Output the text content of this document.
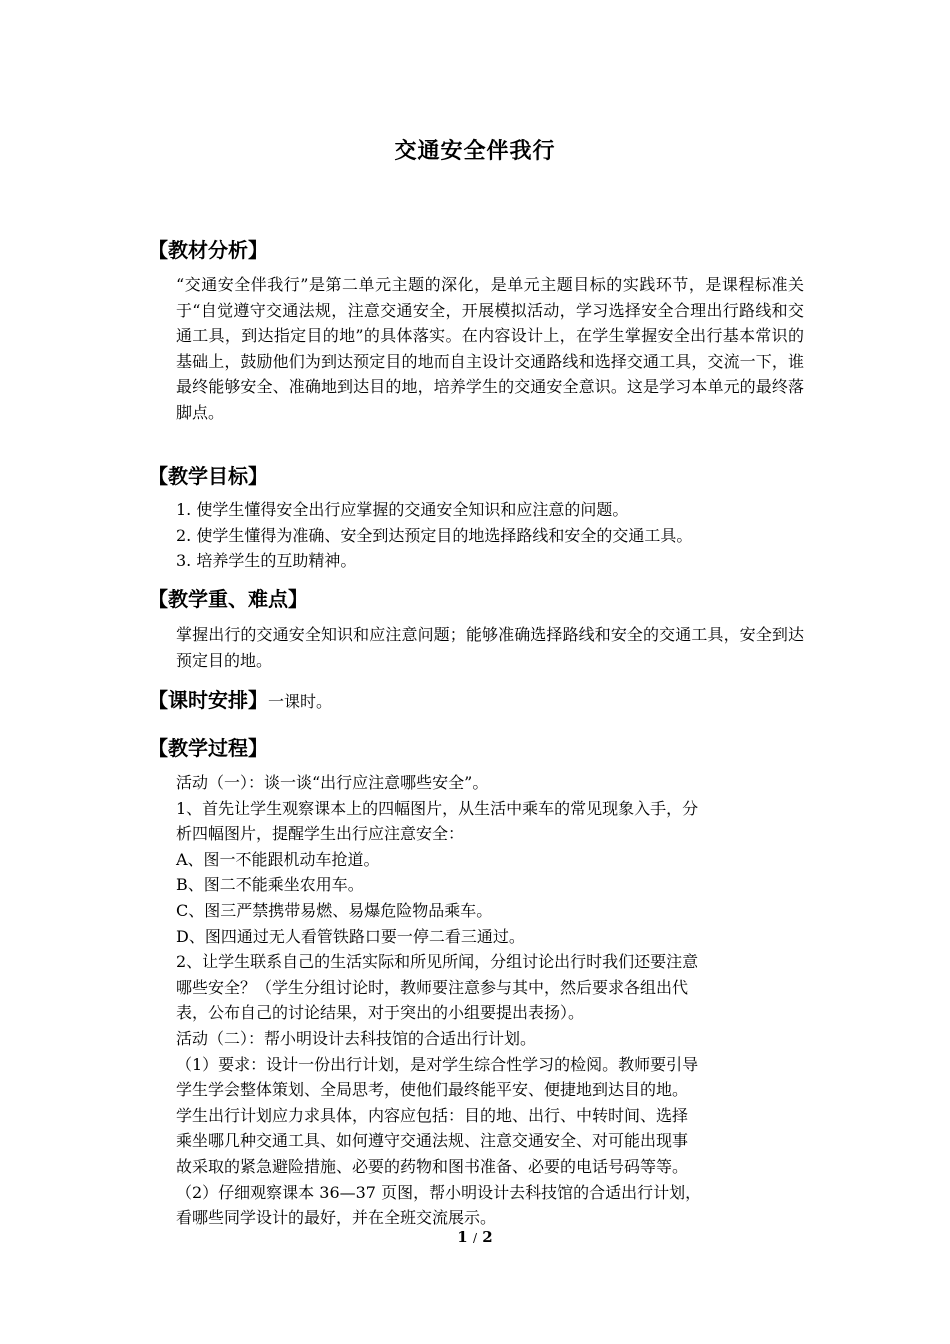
交通安全伴我行
【教材分析】

“交通安全伴我行”是第二单元主题的深化，是单元主题目标的实践环节，是课程标准关于“自觉遵守交通法规，注意交通安全，开展模拟活动，学习选择安全合理出行路线和交通工具，到达指定目的地”的具体落实。在内容设计上，在学生掌握安全出行基本常识的基础上，鼓励他们为到达预定目的地而自主设计交通路线和选择交通工具，交流一下，谁最终能够安全、准确地到达目的地，培养学生的交通安全意识。这是学习本单元的最终落脚点。

【教学目标】

1. 使学生懂得安全出行应掌握的交通安全知识和应注意的问题。

2. 使学生懂得为准确、安全到达预定目的地选择路线和安全的交通工具。

3. 培养学生的互助精神。

【教学重、难点】

掌握出行的交通安全知识和应注意问题；能够准确选择路线和安全的交通工具，安全到达预定目的地。

【课时安排】一课时。
【教学过程】

活动（一）：谈一谈“出行应注意哪些安全”。

1、首先让学生观察课本上的四幅图片，从生活中乘车的常见现象入手，分

析四幅图片，提醒学生出行应注意安全：

A、图一不能跟机动车抢道。

B、图二不能乘坐农用车。

C、图三严禁携带易燃、易爆危险物品乘车。

D、图四通过无人看管铁路口要一停二看三通过。

2、让学生联系自己的生活实际和所见所闻，分组讨论出行时我们还要注意

哪些安全？（学生分组讨论时，教师要注意参与其中，然后要求各组出代

表，公布自己的讨论结果，对于突出的小组要提出表扬）。

活动（二）：帮小明设计去科技馆的合适出行计划。

（1）要求：设计一份出行计划，是对学生综合性学习的检阅。教师要引导

学生学会整体策划、全局思考，使他们最终能平安、便捷地到达目的地。

学生出行计划应力求具体，内容应包括：目的地、出行、中转时间、选择

乘坐哪几种交通工具、如何遵守交通法规、注意交通安全、对可能出现事

故采取的紧急避险措施、必要的药物和图书准备、必要的电话号码等等。

（2）仔细观察课本 36—37 页图，帮小明设计去科技馆的合适出行计划，

看哪些同学设计的最好，并在全班交流展示。

1 / 2
